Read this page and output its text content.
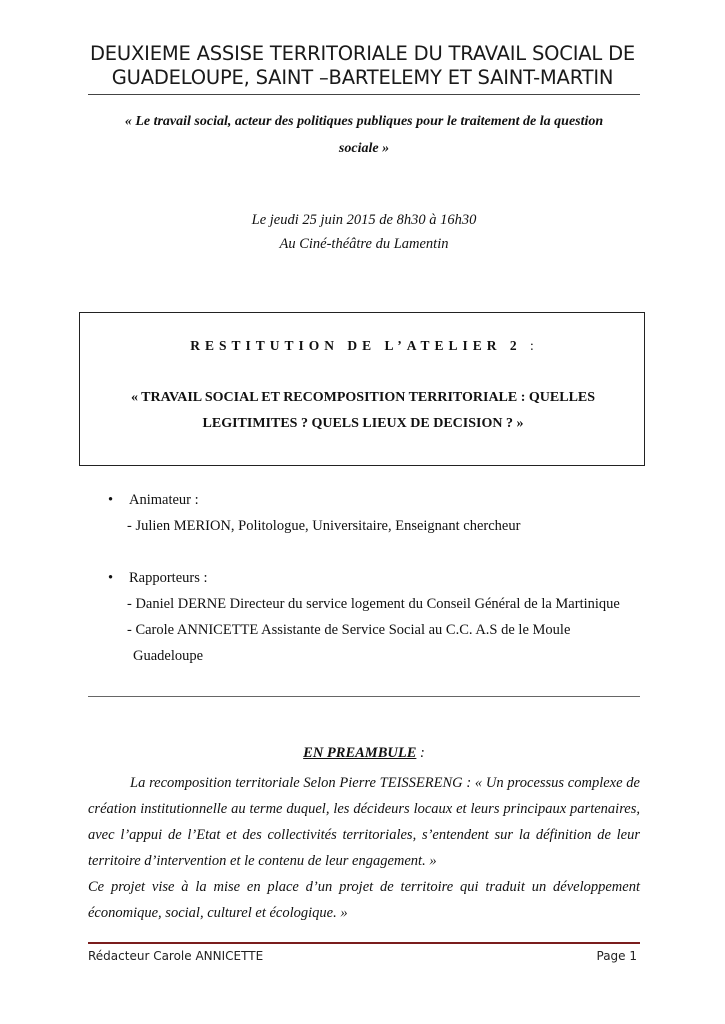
DEUXIEME ASSISE TERRITORIALE DU TRAVAIL SOCIAL DE
GUADELOUPE, SAINT –BARTELEMY ET SAINT-MARTIN
« Le travail social, acteur des politiques publiques pour le traitement de la question
sociale »
Le jeudi 25 juin 2015 de 8h30 à 16h30
Au Ciné-théâtre du Lamentin
RESTITUTION DE L’ATELIER 2 :
« TRAVAIL SOCIAL ET RECOMPOSITION TERRITORIALE : QUELLES
LEGITIMITES ? QUELS LIEUX DE DECISION ? »
• Animateur :
- Julien MERION, Politologue, Universitaire, Enseignant chercheur
• Rapporteurs :
- Daniel DERNE Directeur du service logement du Conseil Général de la Martinique
- Carole ANNICETTE Assistante de Service Social au C.C. A.S de le Moule
Guadeloupe
EN PREAMBULE :

La recomposition territoriale Selon Pierre TEISSERENG : « Un processus complexe de création institutionnelle au terme duquel, les décideurs locaux et leurs principaux partenaires, avec l’appui de l’Etat et des collectivités territoriales, s’entendent sur la définition de leur territoire d’intervention et le contenu de leur engagement. »

Ce projet vise à la mise en place d’un projet de territoire qui traduit un développement économique, social, culturel et écologique. »

Rédacteur Carole ANNICETTE	Page 1
